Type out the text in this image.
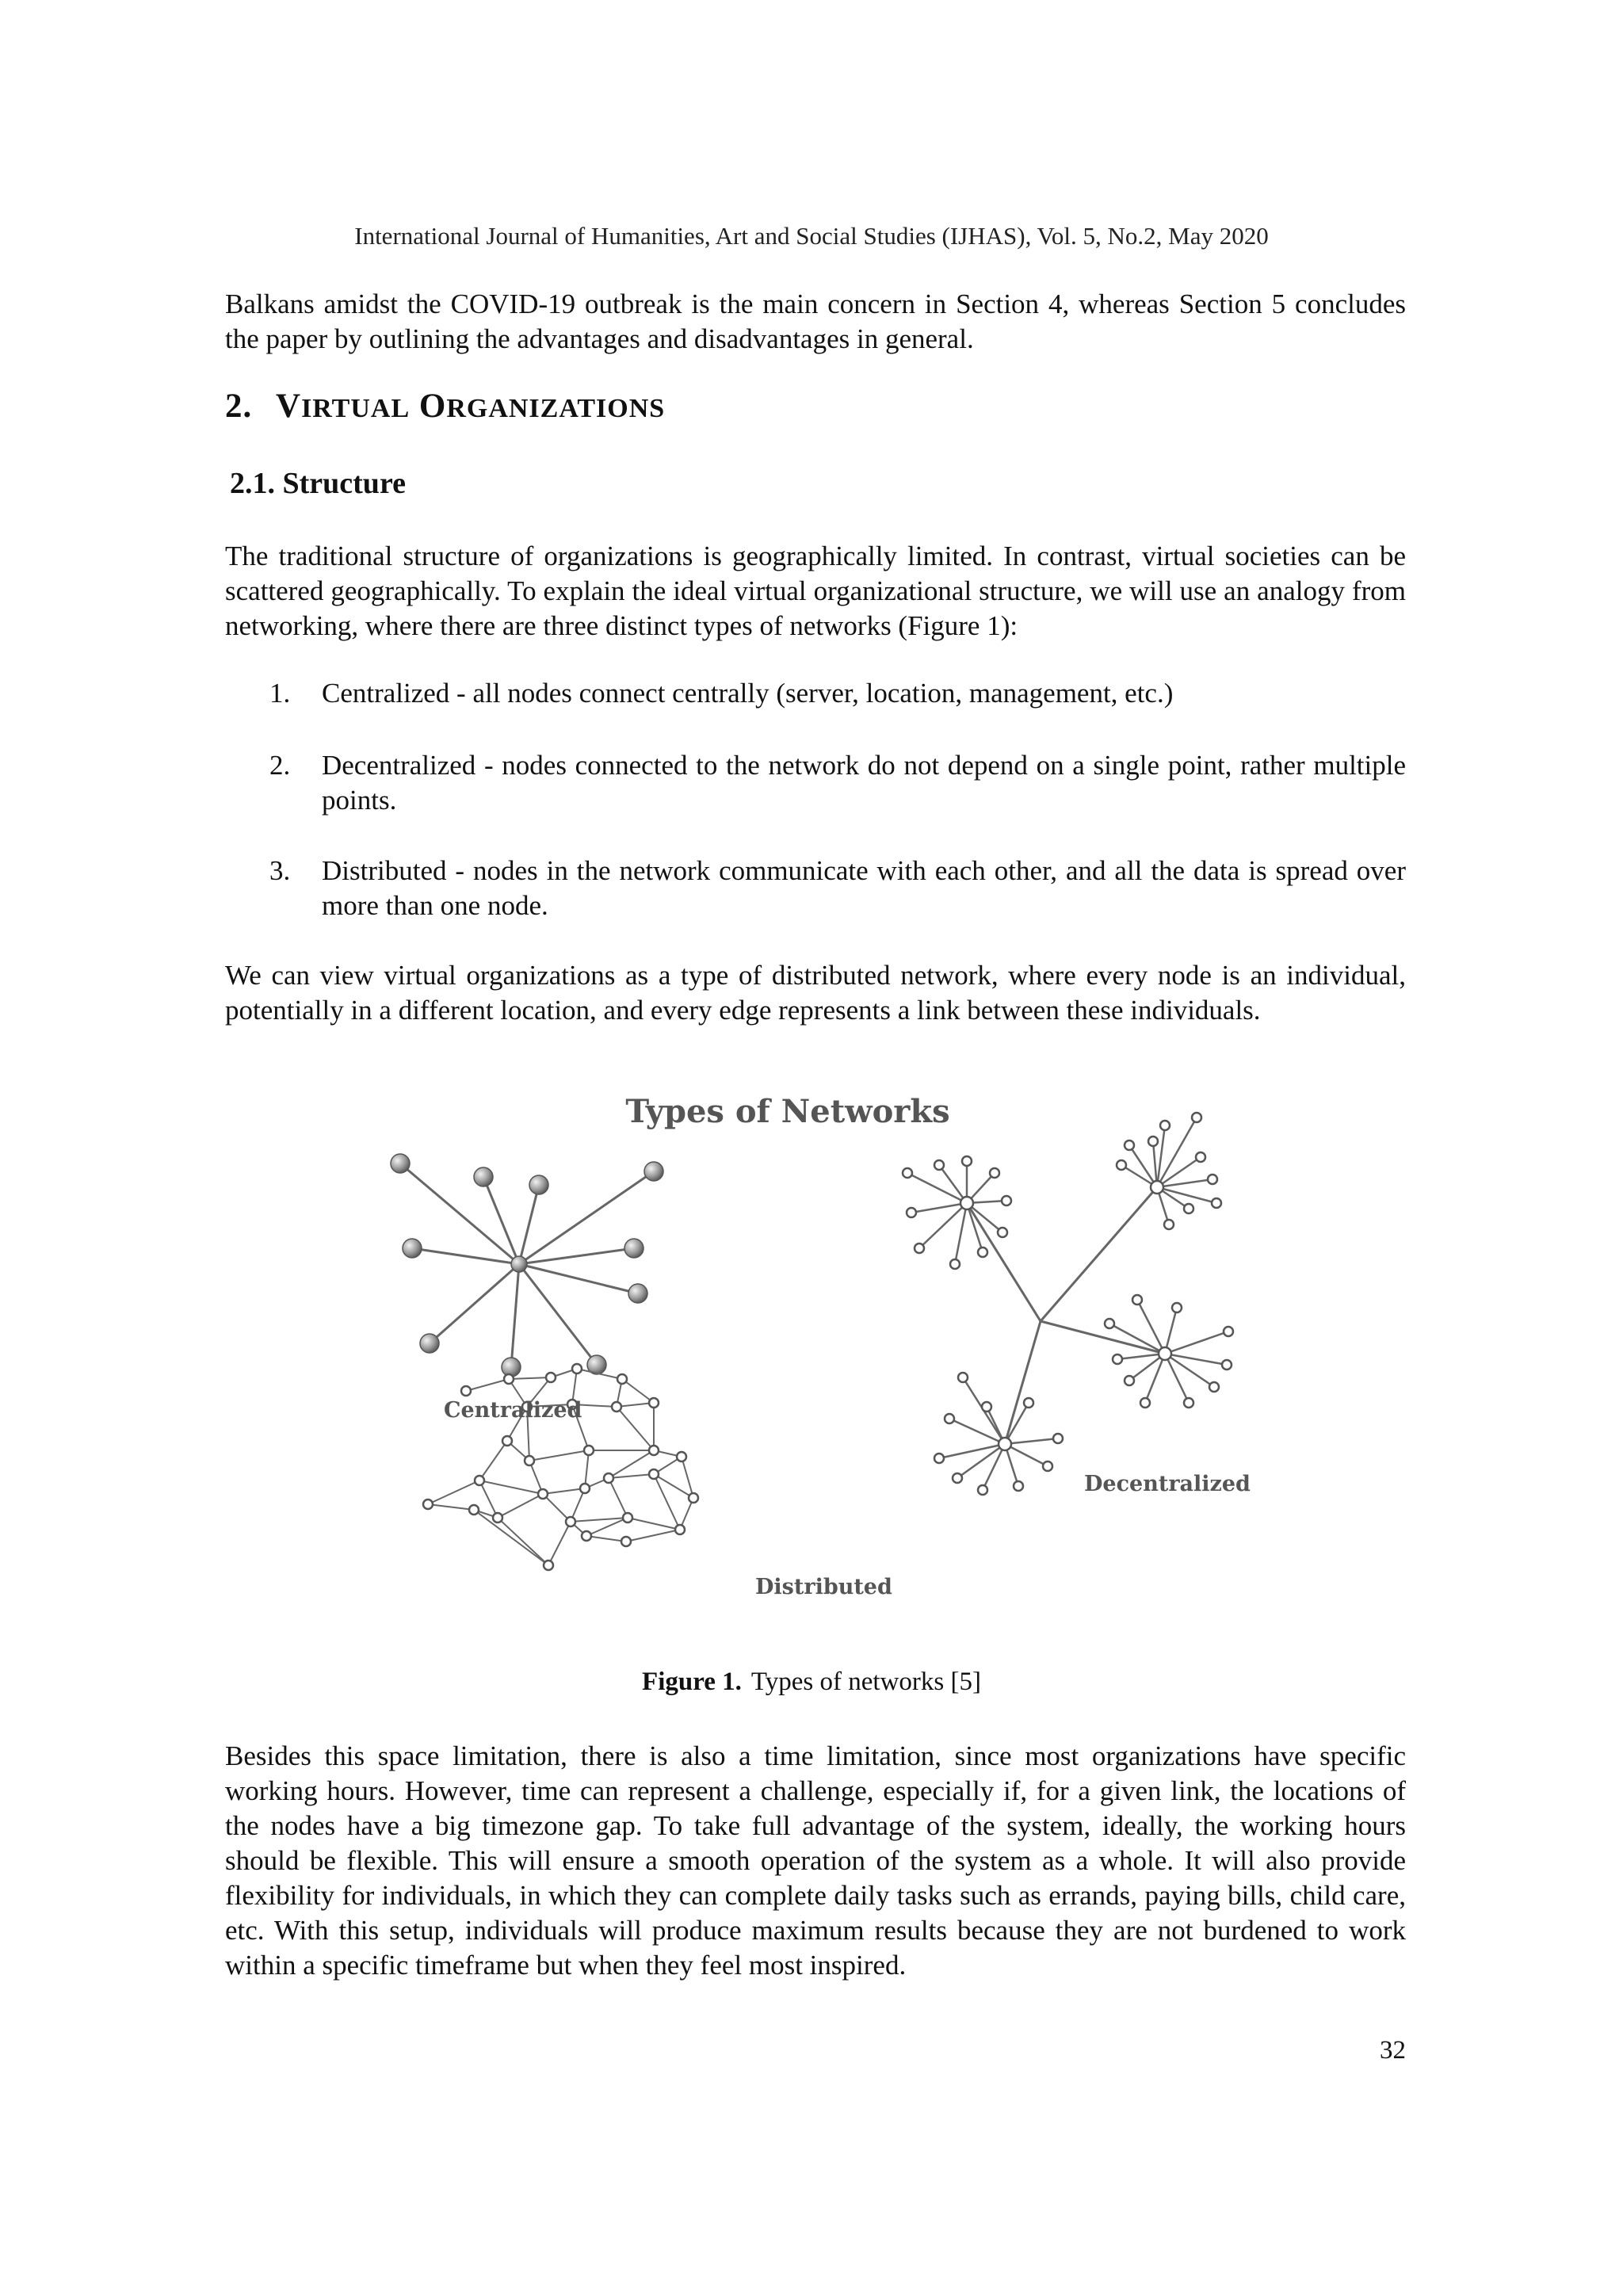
International Journal of Humanities, Art and Social Studies (IJHAS), Vol. 5, No.2, May 2020
Balkans amidst the COVID-19 outbreak is the main concern in Section 4, whereas Section 5 concludes the paper by outlining the advantages and disadvantages in general.
2. VIRTUAL ORGANIZATIONS
2.1. Structure
The traditional structure of organizations is geographically limited. In contrast, virtual societies can be scattered geographically. To explain the ideal virtual organizational structure, we will use an analogy from networking, where there are three distinct types of networks (Figure 1):
1. Centralized - all nodes connect centrally (server, location, management, etc.)
2. Decentralized - nodes connected to the network do not depend on a single point, rather multiple points.
3. Distributed - nodes in the network communicate with each other, and all the data is spread over more than one node.
We can view virtual organizations as a type of distributed network, where every node is an individual, potentially in a different location, and every edge represents a link between these individuals.
Types of Networks
Centralized
Distributed
Decentralized
Figure 1. Types of networks [5]
Besides this space limitation, there is also a time limitation, since most organizations have specific working hours. However, time can represent a challenge, especially if, for a given link, the locations of the nodes have a big timezone gap. To take full advantage of the system, ideally, the working hours should be flexible. This will ensure a smooth operation of the system as a whole. It will also provide flexibility for individuals, in which they can complete daily tasks such as errands, paying bills, child care, etc. With this setup, individuals will produce maximum results because they are not burdened to work within a specific timeframe but when they feel most inspired.
32
